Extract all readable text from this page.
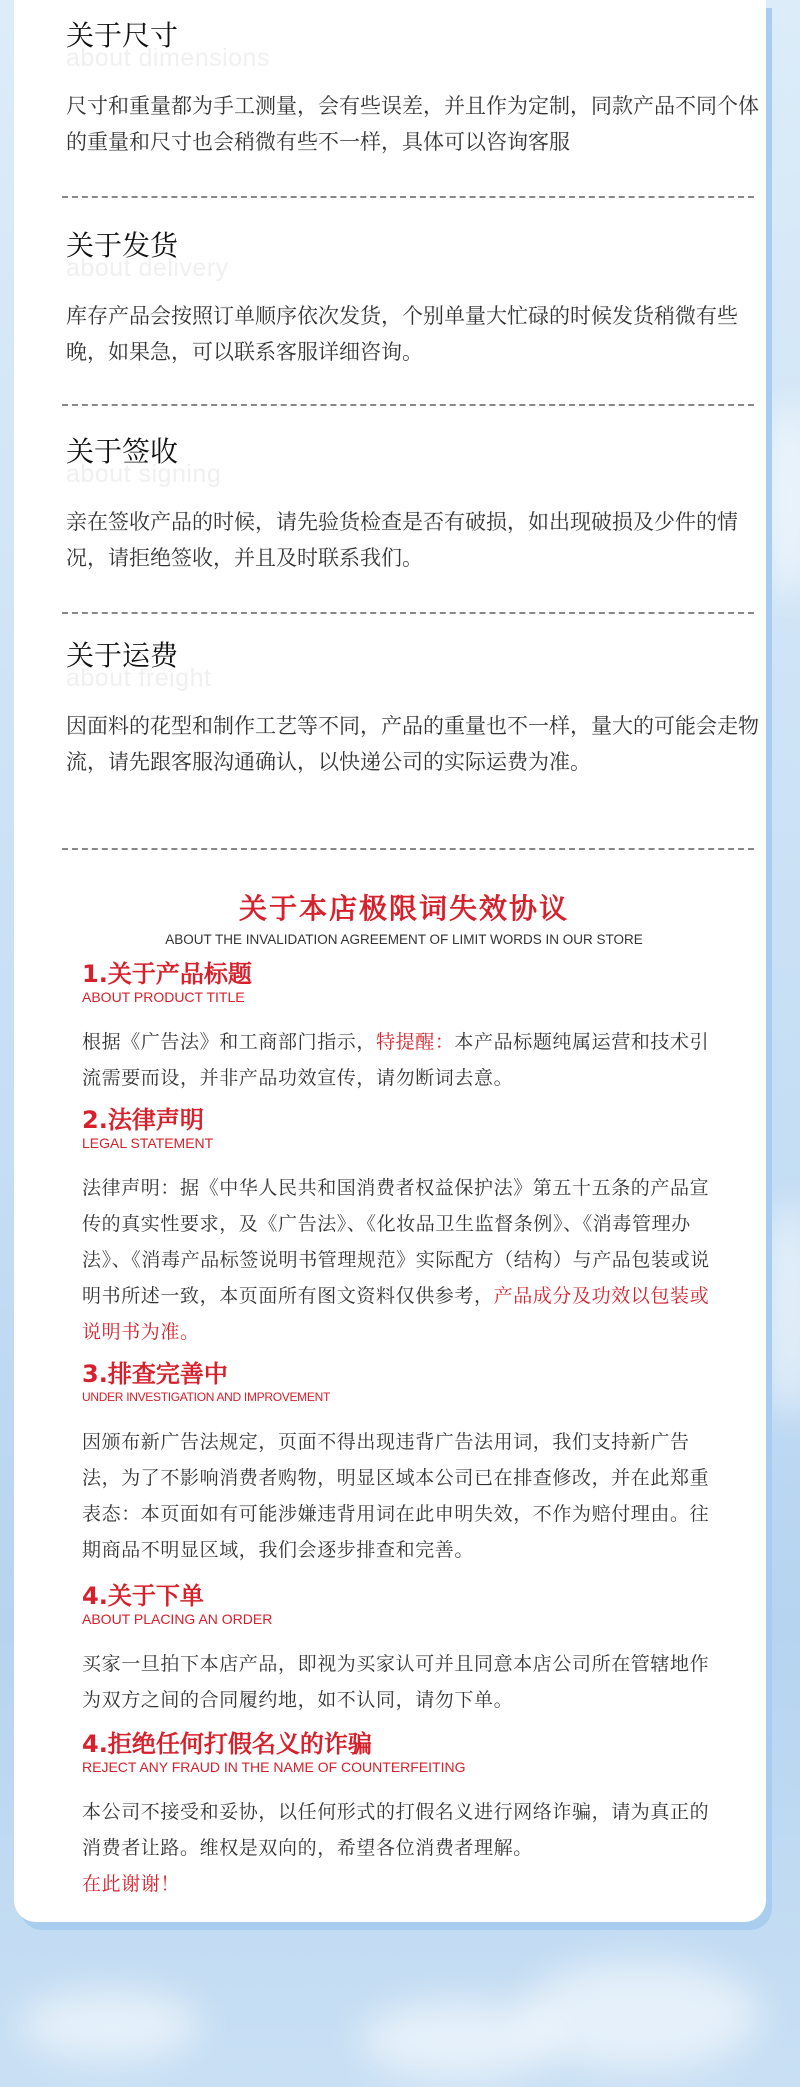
about dimensions
关于尺寸
尺寸和重量都为手工测量，会有些误差，并且作为定制，同款产品不同个体的重量和尺寸也会稍微有些不一样，具体可以咨询客服
about delivery
关于发货
库存产品会按照订单顺序依次发货，个别单量大忙碌的时候发货稍微有些晚，如果急，可以联系客服详细咨询。
about signing
关于签收
亲在签收产品的时候，请先验货检查是否有破损，如出现破损及少件的情况，请拒绝签收，并且及时联系我们。
about freight
关于运费
因面料的花型和制作工艺等不同，产品的重量也不一样，量大的可能会走物流，请先跟客服沟通确认，以快递公司的实际运费为准。
关于本店极限词失效协议
ABOUT THE INVALIDATION AGREEMENT OF LIMIT WORDS IN OUR STORE
1.关于产品标题
ABOUT PRODUCT TITLE
根据《广告法》和工商部门指示，特提醒：本产品标题纯属运营和技术引流需要而设，并非产品功效宣传，请勿断词去意。
2.法律声明
LEGAL STATEMENT
法律声明：据《中华人民共和国消费者权益保护法》第五十五条的产品宣传的真实性要求，及《广告法》、《化妆品卫生监督条例》、《消毒管理办法》、《消毒产品标签说明书管理规范》实际配方（结构）与产品包装或说明书所述一致，本页面所有图文资料仅供参考，产品成分及功效以包装或说明书为准。
3.排查完善中
UNDER INVESTIGATION AND IMPROVEMENT
因颁布新广告法规定，页面不得出现违背广告法用词，我们支持新广告法，为了不影响消费者购物，明显区域本公司已在排查修改，并在此郑重表态：本页面如有可能涉嫌违背用词在此申明失效，不作为赔付理由。往期商品不明显区域，我们会逐步排查和完善。
4.关于下单
ABOUT PLACING AN ORDER
买家一旦拍下本店产品，即视为买家认可并且同意本店公司所在管辖地作为双方之间的合同履约地，如不认同，请勿下单。
4.拒绝任何打假名义的诈骗
REJECT ANY FRAUD IN THE NAME OF COUNTERFEITING
本公司不接受和妥协，以任何形式的打假名义进行网络诈骗，请为真正的消费者让路。维权是双向的，希望各位消费者理解。
在此谢谢！
